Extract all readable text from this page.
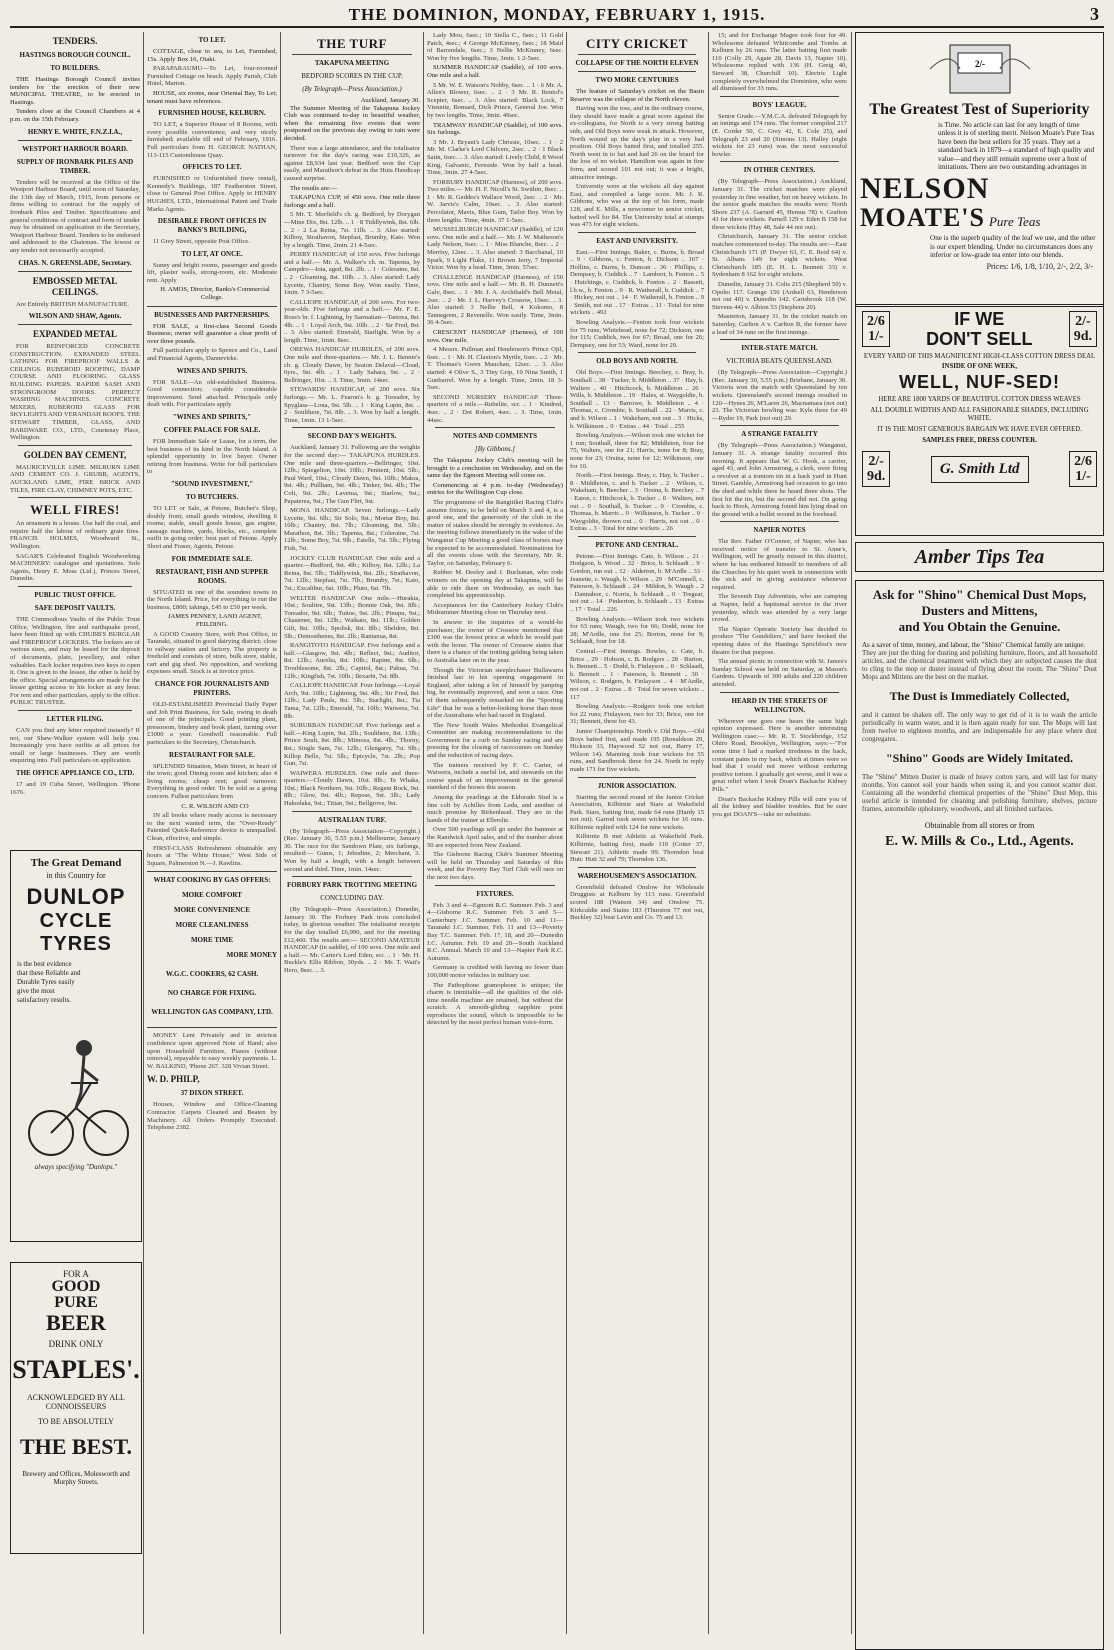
THE DOMINION, MONDAY, FEBRUARY 1, 1915.	3
TENDERS.
HASTINGS BOROUGH COUNCIL.
TO BUILDERS.

THE Hastings Borough Council invites tenders for the erection of their new MUNICIPAL THEATRE, to be erected in Hastings.

Tenders close at the Council Chambers at 4 p.m. on the 15th February.

HENRY E. WHITE, F.N.Z.I.A.,
WESTPORT HARBOUR BOARD.
SUPPLY OF IRONBARK PILES AND TIMBER.

Tenders will be received at the Office of the Westport Harbour Board, until noon of Saturday, the 13th day of March, 1915, from persons or firms willing to contract for the supply of Ironbark Piles and Timber. Specifications and general conditions of contract and form of tender may be obtained on application to the Secretary, Westport Harbour Board. Tenders to be endorsed and addressed to the Chairman. The lowest or any tender not necessarily accepted.

CHAS. N. GREENSLADE, Secretary.
EMBOSSED METAL CEILINGS.

Are Entirely BRITISH MANUFACTURE.

WILSON AND SHAW, Agents.
EXPANDED METAL

FOR REINFORCED CONCRETE CONSTRUCTION. EXPANDED STEEL LATHING FOR FIREPROOF WALLS & CEILINGS. RUBEROID ROOFING, DAMP COURSE AND FLOORING. GLASS BUILDING PAPERS. RAPIDE SASH AND STRONGROOM DOORS. PERFECT WASHING MACHINES. CONCRETE MIXERS, RUBEROID GLASS FOR SKYLIGHTS AND VERANDAH ROOFS. THE STEWART TIMBER, GLASS, AND HARDWARE CO., LTD., Courtenay Place, Wellington.

GOLDEN BAY CEMENT,

MAURICEVILLE LIME. MILBURN LIME AND CEMENT CO. J. GRUBB, AGENTS, AUCKLAND. LIME, FIRE BRICK AND TILES, FIRE CLAY, CHIMNEY POTS, ETC.

WELL FIRES!

An ornament in a house. Use half the coal, and require half the labour of ordinary grate fires. FRANCIS HOLMES, Woodward St., Wellington.

SAGAR'S Celebrated English Woodworking MACHINERY: catalogue and quotations. Sole Agents, Henry E. Moss (Ltd.), Princes Street, Dunedin.

PUBLIC TRUST OFFICE.
SAFE DEPOSIT VAULTS.

THE Commodious Vaults of the Public Trust Office, Wellington, fire and earthquake proof, have been fitted up with CHUBB'S BURGLAR and FIREPROOF LOCKERS. The lockers are of various sizes, and may be leased for the deposit of documents, plate, jewellery, and other valuables. Each locker requires two keys to open it. One is given to the lessee, the other is held by the office. Special arrangements are made for the lessee getting access to his locker at any hour. For rent and other particulars, apply to the office. PUBLIC TRUSTEE.

LETTER FILING.

CAN you find any letter required instantly? If not, our Shaw-Walker system will help you. Increasingly you have outfits at all prices for small or large businesses. They are worth enquiring into. Full particulars on application.

THE OFFICE APPLIANCE CO., LTD.

17 and 19 Cuba Street, Wellington. 'Phone 1676.

The Great Demand
in this Country for
DUNLOP
CYCLE
TYRES
is the best evidence that these Reliable and Durable Tyres easily give the most satisfactory results.
always specifying "Dunlops."
FOR A
GOOD
PURE
BEER
DRINK ONLY
STAPLES'.
ACKNOWLEDGED BY ALL CONNOISSEURS
TO BE ABSOLUTELY
THE BEST.
Brewery and Offices, Molesworth and Murphy Streets.
TO LET.

COTTAGE, close to sea, to Let, Furnished, 15s. Apply Box 16, Otaki.

PARAPARAUMU—To Let, four-roomed Furnished Cottage on beach. Apply Parish, Club Hotel, Marton.

HOUSE, six rooms, near Oriental Bay, To Let; tenant must have references.

FURNISHED HOUSE, KELBURN.

TO LET, a Superior House of 8 Rooms, with every possible convenience, and very nicely furnished; available till end of February, 1916. Full particulars from H. GEORGE NATHAN, 113-115 Customhouse Quay.

OFFICES TO LET.

FURNISHED or Unfurnished (new rental), Kennedy's Buildings, 187 Featherston Street, close to General Post Office. Apply to HENRY HUGHES, LTD., International Patent and Trade Marks Agents.

DESIRABLE FRONT OFFICES IN BANKS'S BUILDING,

11 Grey Street, opposite Post Office.

TO LET, AT ONCE.

Sunny and bright rooms, passenger and goods lift, plaster walls, strong-room, etc. Moderate rent. Apply

H. AMOS, Director, Banks's Commercial College.

BUSINESSES AND PARTNERSHIPS.

FOR SALE, a first-class Second Goods Business; owner will guarantee a clear profit of over three pounds.

Full particulars apply to Spence and Co., Land and Financial Agents, Dannevirke.

WINES AND SPIRITS.

FOR SALE—An old-established Business. Good connection; capable considerable improvement. Send attached. Principals only dealt with. For particulars apply

"WINES AND SPIRITS,"
COFFEE PALACE FOR SALE.

FOR Immediate Sale or Lease, for a term, the best business of its kind in the North Island. A splendid opportunity to live buyer. Owner retiring from business. Write for full particulars to

"SOUND INVESTMENT,"
TO BUTCHERS.

TO LET or Sale, at Petone, Butcher's Shop, doubly front; small goods window, dwelling 6 rooms; stable, small goods house, gas engine, sausage machine, yards, blocks, etc., complete outfit in going order; best part of Petone. Apply Short and Fraser, Agents, Petone.

FOR IMMEDIATE SALE.
RESTAURANT, FISH AND SUPPER ROOMS.

SITUATED in one of the soundest towns in the North Island. Price, for everything to run the business, £800; takings, £45 to £50 per week.

JAMES PENNEY, LAND AGENT, FEILDING.

A GOOD Country Store, with Post Office, in Taranaki, situated in good dairying district; close to railway station and factory. The property is freehold and consists of store, bulk store, stable, cart and gig shed. No opposition, and working expenses small. Stock is at invoice price.

CHANCE FOR JOURNALISTS AND PRINTERS.

OLD-ESTABLISHED Provincial Daily Paper and Job Print Business, for Sale, owing to death of one of the principals. Good printing plant, pressroom, bindery and book plant, turning over £3000 a year. Goodwill reasonable. Full particulars to the Secretary, Christchurch.

RESTAURANT FOR SALE.

SPLENDID Situation, Main Street, in heart of the town; good Dining room and kitchen; also 4 living rooms; cheap rent; good turnover. Everything in good order. To be sold as a going concern. Fullest particulars from

C. R. WILSON AND CO

IN all books where ready access is necessary to the next wanted term, the "Over-Ready" Patented Quick-Reference device is unequalled. Clean, effective, and simple.

FIRST-CLASS Refreshment obtainable any hours at "The White House," West Side of Square, Palmerston N.—J. Rawlins.

WHAT COOKING BY GAS OFFERS:
MORE COMFORT
MORE CONVENIENCE
MORE CLEANLINESS
MORE TIME
MORE MONEY
W.G.C. COOKERS, 62 CASH.
NO CHARGE FOR FIXING.
WELLINGTON GAS COMPANY, LTD.

MONEY Lent Privately and in strictest confidence upon approved Note of Hand; also upon Household Furniture, Pianos (without removal), repayable to easy weekly payments. L. W. BALKIND, 'Phone 267. 328 Vivian Street.

W. D. PHILP,
37 DIXON STREET.

Houses, Window and Office-Cleaning Contractor. Carpets Cleaned and Beaten by Machinery. All Orders Promptly Executed. Telephone 2382.

THE TURF
TAKAPUNA MEETING
BEDFORD SCORES IN THE CUP.
(By Telegraph—Press Association.)
Auckland, January 30.

The Summer Meeting of the Takapuna Jockey Club was continued to-day in beautiful weather, when the remaining five events that were postponed on the previous day owing to rain were decided.

There was a large attendance, and the totalisator turnover for the day's racing was £10,326, as against £8,934 last year. Bedford won the Cup easily, and Marathon's defeat in the Huia Handicap caused surprise.

The results are:—

TAKAPUNA CUP, of 450 sovs. One mile three furlongs and a half.

5 Mr. T. Merfield's ch. g. Bedford, by Dorygan—Mine Dix, 8st. 12lb. .. 1 · 8 Tiddlywink, 8st. 6lb. .. 2 · 2 La Reina, 7st. 11lb. .. 3. Also started: Kilboy, Strathavon, Stepfast, Brumby, Kato. Won by a length. Time, 2min. 21 4-5sec.

PERRY HANDICAP, of 150 sovs. Five furlongs and a half.— Mr. A. Walker's ch. m. Tapenta, by Campdro—Iota, aged, 8st. 2lb. .. 1 · Coleraine, 8st. .. 2 · Gloaming, 8st. 10lb. .. 3. Also started: Lady Lycette, Chantry, Some Boy. Won easily. Time, 1min. 7 3-5sec.

CALLIOPE HANDICAP, of 200 sovs. For two-year-olds. Five furlongs and a half.— Mr. F. E. Ross's br. f. Lightning, by Sarmatian—Tarerea, 8st. 4lb. .. 1 · Loyal Arch, 9st. 10lb. .. 2 · Sir Fred, 8st. .. 3. Also started: Emerald, Starlight. Won by a length. Time, 1min. 8sec.

OREWA HANDICAP HURDLES, of 200 sovs. One mile and three-quarters.— Mr. J. L. Bennie's ch. g. Cloudy Dawn, by Seaton Delaval—Cloud, 6yrs., 9st. 4lb. .. 1 · Lady Sahara, 9st. .. 2 · Bellringer, 10st. .. 3. Time, 3min. 14sec.

STEWARDS' HANDICAP, of 200 sovs. Six furlongs.— Mr. L. Fearon's b. g. Toreador, by Spyglass—Lona, 9st. 5lb. .. 1 · King Lupin, 8st. .. 2 · Soulthere, 7st. 8lb. .. 3. Won by half a length. Time, 1min. 13 1-5sec.

SECOND DAY'S WEIGHTS.

Auckland, January 31. Following are the weights for the second day:— TAKAPUNA HURDLES. One mile and three-quarters.—Bellringer, 10st. 12lb.; Spiegelton, 10st. 10lb.; Penitent, 10st. 5lb.; Paul Ward, 10st.; Cloudy Dawn, 9st. 10lb.; Makra, 9st. 4lb.; Pullham, 9st. 4lb.; Tinker, 9st. 4lb.; The Colt, 9st. 2lb.; Lavetua, 9st.; Starlow, 9st.; Papaterea, 9st.; The Gun Flirt, 9st.

MONA HANDICAP. Seven furlongs.—Lady Lycette, 9st. 6lb.; Sir Solo, 9st.; Mortar Boy, 8st. 10lb.; Chantry, 8st. 7lb.; Gloaming, 8st. 5lb.; Marathon, 8st. 3lb.; Tapenta, 8st.; Coleraine, 7st. 12lb.; Some Boy, 7st. 9lb.; Estelle, 7st. 5lb.; Flying Fish, 7st.

JOCKEY CLUB HANDICAP. One mile and a quarter.—Bedford, 9st. 4lb.; Kilboy, 8st. 12lb.; La Reina, 8st. 5lb.; Tiddlywink, 8st. 2lb.; Strathavon, 7st. 12lb.; Stepfast, 7st. 7lb.; Brumby, 7st.; Kato, 7st.; Excalibur, 6st. 10lb.; Pluto, 6st. 7lb.

WELTER HANDICAP. One mile.—Hurakia, 10st.; Soultire, 9st. 13lb.; Bonnie Oak, 9st. 8lb.; Toreador, 9st. 6lb.; Tuitoe, 9st. 2lb.; Pinupu, 9st.; Chastener, 8st. 12lb.; Waikato, 8st. 11lb.; Golden Gift, 8st. 10lb.; Spolisk, 8st. 8lb.; Sheldon, 8st. 5lb.; Demosthenes, 8st. 2lb.; Rantanua, 8st.

RANGITOTO HANDICAP. Five furlongs and a half.—Glasgow, 9st. 4lb.; Reflect, 9st.; Auditor, 8st. 12lb.; Aurelia, 8st. 10lb.; Rapine, 8st. 6lb.; Troublesome, 8st. 2lb.; Capitol, 8st.; Pahua, 7st. 12lb.; Kingfish, 7st. 10lb.; Ilexarbi, 7st. 8lb.

CALLIOPE HANDICAP. Four furlongs.—Loyal Arch, 9st. 10lb.; Lightning, 9st. 4lb.; Sir Fred, 8st. 12lb.; Lady Pauls, 8st. 5lb.; Starlight, 8st.; Tia Tama, 7st. 12lb.; Emerald, 7st. 10lb.; Waiwera, 7st. 8lb.

SUBURBAN HANDICAP. Five furlongs and a half.—King Lupin, 9st. 2lb.; Soulthere, 8st. 13lb.; Prince Soult, 8st. 8lb.; Mimosa, 8st. 4lb.; Thorny, 8st.; Single Sam, 7st. 12lb.; Glengarry, 7st. 9lb.; Killop Belle, 7st. 5lb.; Epicycle, 7st. 2lb.; Pop Gun, 7st.

WAIWERA HURDLES. One mile and three-quarters.—Cloudy Dawn, 10st. 8lb.; Te Whaka, 10st.; Black Northern, 9st. 10lb.; Regent Rock, 9st. 8lb.; Glow, 9st. 4lb.; Repose, 9st. 3lb.; Lady Hakodaka, 9st.; Titian, 9st.; Bellgrove, 9st.

AUSTRALIAN TURF.

(By Telegraph—Press Association—Copyright.) (Rec. January 30, 5.55 p.m.) Melbourne, January 30. The race for the Sandown Plate, six furlongs, resulted:— Gums, 1; Jebodine, 2; Merchant, 3. Won by half a length, with a length between second and third. Time, 1min. 14sec.

FORBURY PARK TROTTING MEETING
CONCLUDING DAY.

(By Telegraph—Press Association.) Dunedin, January 30. The Forbury Park trots concluded today, in glorious weather. The totalisator receipts for the day totalled £6,990, and for the meeting £12,460. The results are:— SECOND AMATEUR HANDICAP (in saddle), of 100 sovs. One mile and a half.— Mr. Carter's Lord Eden, scr. .. 1 · Mr. H. Buckle's Ellis Ribbon, 30yds. .. 2 · Mr. T. Watt's Hero, 8sec. .. 3.

Lady Moo, 6sec.; 10 Stella C., 6sec.; 11 Gold Patch, 4sec.; 4 George McKinney, 6sec.; 18 Maid of Barrendale, 6sec.; 3 Nellie McKinney, 6sec. Won by five lengths. Time, 3min. 1 2-5sec.

SUMMER HANDICAP (Saddle), of 100 sovs. One mile and a half.

5 Mr. W. E. Watson's Nobby, 6sec. .. 1 · 6 Mr. A. Allen's Blower, 6sec. .. 2 · 3 Mr. R. Rentol's Scepter, 6sec. .. 3. Also started: Black Lock, 7 Viennite, Bomard, Dick Prince, General Joe. Won by two lengths. Time, 3min. 49sec.

TRAMWAY HANDICAP (Saddle), of 100 sovs. Six furlongs.

3 Mr. J. Bryant's Lady Chrissie, 10sec. .. 1 · 2 Mr. M. Clarke's Lord Chilvers, 2sec. .. 2 · 1 Black Satin, 6sec. .. 3. Also started: Lively Child, 8 Wood King, Galvanic, Fernside. Won by half a head. Time, 3min. 27 4-5sec.

FORBURY HANDICAP (Harness), of 200 sovs. Two miles.— Mr. H. F. Nicoll's St. Swithin, 8sec. .. 1 · Mr. R. Geddes's Wallace Wood, 2sec. .. 2 · Mr. W. Jarvis's Calm, 10sec. .. 3. Also started: Percolator, Mavis, Blue Gum, Tailor Boy. Won by three lengths. Time, 4min. 37 1-5sec.

MUSSELBURGH HANDICAP (Saddle), of 120 sovs. One mile and a half.— Mr. J. W. Matheson's Lady Nelson, 6sec. .. 1 · Miss Blanche, 8sec. .. 2 · Merrisy, 12sec. .. 3. Also started: 3 Bacchanal, 10 Spark, 9 Light Fluke, 11 Brown Jerry, 7 Imperial Victor. Won by a head. Time, 3min. 57sec.

CHALLENGE HANDICAP (Harness), of 150 sovs. One mile and a half.— Mr. R. H. Dunnett's Galv, 8sec. .. 1 · Mr. J. A. Archibald's Bell Metal, 2sec. .. 2 · Mr. J. L. Harvey's Crossow, 10sec. .. 3. Also started: 3 Nellie Bell, 4 Kokomo, 8 Tannegrem, 2 Revenelle. Won easily. Time, 3min. 36 4-5sec.

CRESCENT HANDICAP (Harness), of 100 sovs. One mile.

4 Messrs. Pullman and Henderson's Prince Ojil, 6sec. .. 1 · Mr. H. Claxton's Myrtle, 6sec. .. 2 · Mr. T. Thomas's Gwen Mauchan, 12sec. .. 3. Also started: 4 Olive S., 3 Tiny Grip, 10 Nina Smith, 1 Gunbarrel. Won by a length. Time, 2min. 18 3-5sec.

SECOND NURSERY HANDICAP. Three-quarters of a mile.—Rubelite, scr. .. 1 · Kindred, 4sec. .. 2 · Dot Robert, 4sec. .. 3. Time, 1min. 44sec.

NOTES AND COMMENTS
[By Gibbons.]

The Takapuna Jockey Club's meeting will be brought to a conclusion on Wednesday, and on the same day the Egmont Meeting will come on.

Commencing at 4 p.m. to-day (Wednesday) entries for the Wellington Cup close.

The programme of the Rangitikei Racing Club's autumn fixture, to be held on March 3 and 4, is a good one, and the generosity of the club in the matter of stakes should be strongly in evidence. As the meeting follows immediately in the wake of the Wanganui Cup Meeting a good class of horses may be expected to be accommodated. Nominations for all the events close with the Secretary, Mr. R. Taylor, on Saturday, February 6.

Rubber M. Deeley and J. Buchanan, who rode winners on the opening day at Takapuna, will be able to ride there on Wednesday, as each has completed his apprenticeship.

Acceptances for the Canterbury Jockey Club's Midsummer Meeting close on Thursday next.

In answer to the inquiries of a would-be purchaser, the owner of Crossow mentioned that £300 was the lowest price at which he would part with the horse. The owner of Crossow states that there is a chance of the trotting gelding being taken to Australia later on in the year.

Though the Victorian steeplechaser Bullawarra finished last in his opening engagement in England, after taking a lot of himself by jumping big, he eventually improved, and won a race. One of them subsequently remarked on the "Sporting Life" that he was a better-looking horse than most of the Australians who had raced in England.

The New South Wales Methodist Evangelical Committee are making recommendations to the Government for a curb on Sunday racing and are pressing for the closing of racecourses on Sunday and the reduction of racing days.

The trainers received by F. C. Carter, of Waiwera, include a useful lot, and stewards on the course speak of an improvement in the general standard of the horses this season.

Among the yearlings at the Eldorado Stud is a fine colt by Achilles from Leda, and another of much promise by Birkenhead. They are in the hands of the trainer at Ellerslie.

Over 500 yearlings will go under the hammer at the Randwick April sales, and of the number about 50 are expected from New Zealand.

The Gisborne Racing Club's Summer Meeting will be held on Thursday and Saturday of this week, and the Poverty Bay Turf Club will race on the next two days.

FIXTURES.

Feb. 3 and 4—Egmont R.C. Summer. Feb. 3 and 4—Gisborne R.C. Summer. Feb. 3 and 5—Canterbury J.C. Summer. Feb. 10 and 11—Taranaki J.C. Summer. Feb. 11 and 13—Poverty Bay T.C. Summer. Feb. 17, 18, and 20—Dunedin J.C. Autumn. Feb. 19 and 20—South Auckland R.C. Annual. March 10 and 13—Napier Park R.C. Autumn.

Germany is credited with having no fewer than 100,000 motor vehicles in military use.

The Pathophone gramophone is unique; the charm is inimitable—all the qualities of the old-time needle machine are retained, but without the scratch. A smooth-gliding sapphire point reproduces the sound, which is impossible to be detected by the most perfect human voice-form.

CITY CRICKET
COLLAPSE OF THE NORTH ELEVEN
TWO MORE CENTURIES

The feature of Saturday's cricket on the Basin Reserve was the collapse of the North eleven.

Having won the toss, and in the ordinary course, they should have made a great score against the ex-collegians, for North is a very strong batting side, and Old Boys were weak in attack. However, North wound up the day's play in a very bad position. Old Boys batted first, and totalled 255. North went in to bat and had 26 on the board for the loss of no wicket. Hamilton was again in fine form, and scored 101 not out; it was a bright, attractive innings.

University were at the wickets all day against East, and compiled a large score. Mr. J. R. Gibbons, who was at the top of his form, made 128, and E. Mills, a newcomer to senior cricket, batted well for 84. The University total at stumps was 473 for eight wickets.

EAST AND UNIVERSITY.

East.—First Innings. Baker, c. Burns, b. Broad .. 9 · Gibbons, c. Fenton, b. Dickson .. 167 · Hollins, c. Burns, b. Duncan .. 36 · Phillips, c. Dempsey, b. Cuddick .. 7 · Lambert, b. Fenton .. 5 · Hutchings, c. Cuddick, b. Fenton .. 2 · Bassett, l.b.w., b. Fenton .. 0 · R. Watherall, b. Cuddick .. 7 · Hickey, not out .. 14 · F. Watherall, b. Fenton .. 9 · Smith, not out .. 17 · Extras .. 11 · Total for nine wickets .. 492

Bowling Analysis.—Fenton took four wickets for 75 runs; Whitehead, none for 72; Dickson, one for 115; Cuddick, two for 67; Broad, one for 26; Dempsey, one for 53; Ward, none for 29.

OLD BOYS AND NORTH.

Old Boys.—First Innings. Beechey, c. Bray, b. Southall .. 38 · Tucker, b. Middleton .. 37 · Hay, b. Walters .. 40 · Hitchcock, b. Middleton .. 26 · Wills, b. Middleton .. 19 · Hales, st. Waygoldie, b. Southall .. 13 · Barrowe, b. Middleton .. 4 · Thomas, c. Crombie, b. Southall .. 22 · Marris, c. and b. Wilson .. 1 · Wakeham, not out .. 3 · Hicks, b. Wilkinson .. 0 · Extras .. 44 · Total .. 255

Bowling Analysis.—Wilson took one wicket for 1 run; Southall, three for 82; Middleton, four for 75; Walters, one for 21; Harris, none for 8; Bray, none for 23; Orsina, none for 12; Wilkinson, one for 10.

North.—First Innings. Bray, c. Hay, b. Tucker .. 8 · Middleton, c. and b. Tucker .. 2 · Wilson, c. Wakeham, b. Beecher .. 3 · Orsina, b. Beechey .. 7 · Eaton, c. Hitchcock, b. Tucker .. 0 · Walters, not out .. 0 · Southall, b. Tucker .. 0 · Crombie, c. Thomas, b. Marris .. 0 · Wilkinson, b. Tucker .. 0 · Waygoldie, thrown out .. 0 · Harris, not out .. 0 · Extras .. 3 · Total for nine wickets .. 26

PETONE AND CENTRAL.

Petone.—First Innings. Cate, b. Wilson .. 21 · Hodgson, b. Wood .. 32 · Brice, b. Schlaadt .. 9 · Gordon, run out .. 12 · Alderton, b. M'Ardle .. 33 · Jeanette, c. Waugh, b. Wilson .. 29 · M'Connell, c. Paterson, b. Schlaadt .. 24 · Mildon, b. Waugh .. 2 · Dannahoe, c. Norris, b. Schlaadt .. 0 · Tregear, not out .. 14 · Pinkerton, b. Schlaadt .. 13 · Extras .. 17 · Total .. 226

Bowling Analysis.—Wilson took two wickets for 63 runs; Waugh, two for 66; Dodd, none for 28; M'Ardle, one for 25; Borton, none for 9; Schlaadt, four for 18.

Central.—First Innings. Bowles, c. Cate, b. Brice .. 29 · Hobson, c. B. Rodgers .. 28 · Burton, b. Bennett .. 5 · Dodd, b. Finlayson .. 0 · Schlaadt, b. Bennett .. 1 · Paterson, b. Bennett .. 30 · Wilson, c. Rodgers, b. Finlayson .. 4 · M'Ardle, not out .. 2 · Extras .. 8 · Total for seven wickets .. 117

Bowling Analysis.—Rodgers took one wicket for 22 runs; Finlayson, two for 33; Brice, one for 31; Bennett, three for 43.

Junior Championship. North v. Old Boys.—Old Boys batted first, and made 195 (Ronaldson 29, Hickson 33, Haywood 52 not out, Barry 17, Wilson 14). Manning took four wickets for 55 runs, and Sandbrook three for 24. North in reply made 171 for five wickets.

JUNIOR ASSOCIATION.

Starting the second round of the Junior Cricket Association, Kilbirnie and Stars at Wakefield Park. Stars, batting first, made 64 runs (Hardy 15 not out). Garrod took seven wickets for 16 runs. Kilbirnie replied with 124 for nine wickets.

Kilbirnie B met Athletic at Wakefield Park. Kilbirnie, batting first, made 110 (Cotter 37, Stewart 21). Athletic made 99. Thorndon beat Hutt: Hutt 32 and 79; Thorndon 136.

WAREHOUSEMEN'S ASSOCIATION.

Greenfield defeated Onslow for Wholesale Druggists at Kelburn by 113 runs. Greenfield scored 188 (Watson 34) and Onslow 75. Kirkcaldie and Stains 183 (Thurston 77 not out, Buckley 32) beat Levin and Co. 75 and 13.

15; and for Exchange Magee took four for 49. Wholesome defeated Whitcombe and Tombs at Kelburn by 26 runs. The latter batting first made 110 (Colly 29, Agate 28, Davis 13, Napier 10). Wholesome replied with 136 (H. Greig 40, Steward 38, Churchill 10). Electric Light completely overwhelmed the Dominion, who were all dismissed for 33 runs.

BOYS' LEAGUE.

Senior Grade.—Y.M.C.A. defeated Telegraph by an innings and 174 runs. The former compiled 217 (E. Corder 50, C. Grey 42, E. Cole 25), and Telegraph 23 and 20 (Simons 13). Halley (eight wickets for 23 runs) was the most successful bowler.

IN OTHER CENTRES.

(By Telegraph—Press Association.) Auckland, January 31. The cricket matches were played yesterday in fine weather, but on heavy wickets. In the senior grade matches the results were: North Shore 237 (A. Garrard 45, Hemus 78) v. Grafton 43 for three wickets. Parnell 129 v. Eden B 158 for three wickets (Hay 48, Sale 44 not out).

Christchurch, January 31. The senior cricket matches commenced to-day. The results are:—East Christchurch 171 (P. Dwyer 63, C. E. Reid 64) v. St. Albans 149 for eight wickets. West Christchurch 185 (E. H. L. Bennett 33) v. Sydenham 8 162 for eight wickets.

Dunedin, January 31. Colts 215 (Shepherd 50) v. Opoho 117. Grange 156 (Ardsell 63, Henderson not out 40) v. Dunedin 142. Carisbrook 118 (W. Stevens 44) v. Albion 53 (Stephens 20).

Masterton, January 31. In the cricket match on Saturday, Carlton A v. Carlton B, the former have a lead of 34 runs on the first innings.

INTER-STATE MATCH.
VICTORIA BEATS QUEENSLAND.

(By Telegraph—Press Association—Copyright.) (Rec. January 30, 5.55 p.m.) Brisbane, January 30. Victoria won the match with Queensland by ten wickets. Queensland's second innings resulted in 120—Hynes 26, M'Laren 26, Macnamara (not out) 23. The Victorian bowling was: Kyle three for 49—Ryder 19, Park (not out) 29.

A STRANGE FATALITY

(By Telegraph—Press Association.) Wanganui, January 31. A strange fatality occurred this morning. It appears that W. G. Hook, a carrier, aged 43, and John Armstrong, a clerk, were firing a revolver at a tomtom tin in a back yard in Hunt Street. Gamble, Armstrong had occasion to go into the shed and while there he heard three shots. The first hit the tin, but the second did not. On going back to Hook, Armstrong found him lying dead on the ground with a bullet wound in the forehead.

NAPIER NOTES

The Rev. Father O'Connor, of Napier, who has received notice of transfer to St. Anne's, Wellington, will be greatly missed in this district, where he has endeared himself to members of all the Churches by his quiet work in connection with the sick and in giving assistance whenever required.

The Seventh Day Adventists, who are camping at Napier, held a baptismal service in the river yesterday, which was attended by a very large crowd.

The Napier Operatic Society has decided to produce "The Gondoliers," and have booked the opening dates of the Hastings Sprichfest's new theatre for that purpose.

The annual picnic in connection with St. James's Sunday School was held on Saturday, at Mason's Gardens. Upwards of 300 adults and 220 children attended.

HEARD IN THE STREETS OF WELLINGTON.

Wherever one goes one hears the same high opinion expressed. Here is another interesting Wellington case:— Mr. R. T. Stockbridge, 152 Ohiro Road, Brooklyn, Wellington, says:—"For some time I had a marked tiredness in the back, constant pains in my back, which at times were so bad that I could not move without enduring positive torture. I gradually got worse, and it was a great relief when I took Doan's Backache Kidney Pills."

Doan's Backache Kidney Pills will cure you of all the kidney and bladder troubles. But be sure you get DOAN'S—take no substitute.

2/-
The Greatest Test of Superiority
is Time. No article can last for any length of time unless it is of sterling merit. Nelson Moate's Pure Teas have been the best sellers for 35 years. They set a standard back in 1879—a standard of high quality and value—and they still remain supreme over a host of imitations. There are two outstanding advantages in
NELSON
MOATE'S Pure Teas
One is the superb quality of the leaf we use, and the other is our expert blending. Under no circumstances does any inferior or low-grade tea enter into our blends.
Prices: 1/6, 1/8, 1/10, 2/-, 2/2, 3/-
2/6
1/-
IF WE
DON'T SELL
2/-
9d.
EVERY YARD OF THIS MAGNIFICENT HIGH-CLASS COTTON DRESS DEAL
INSIDE OF ONE WEEK,
WELL, NUF-SED!
HERE ARE 1800 YARDS OF BEAUTIFUL COTTON DRESS WEAVES
ALL DOUBLE WIDTHS AND ALL FASHIONABLE SHADES, INCLUDING WHITE.
IT IS THE MOST GENEROUS BARGAIN WE HAVE EVER OFFERED.
SAMPLES FREE, DRESS COUNTER.
2/-
9d.	G. Smith Ltd	2/6
1/-
Amber Tips Tea
Ask for "Shino" Chemical Dust Mops, Dusters and Mittens,
and You Obtain the Genuine.
As a saver of time, money, and labour, the "Shino" Chemical family are unique.
They are just the thing for dusting and polishing furniture, floors, and all household articles, and the chemical treatment with which they are subjected causes the dust to cling to the mop or duster instead of flying about the room. The "Shino" Dust Mops and Mittens are the best on the market.
The Dust is Immediately Collected,
and it cannot be shaken off. The only way to get rid of it is to wash the article periodically in warm water, and it is then again ready for use. The Mops will last from twelve to eighteen months, and are indispensable for any place where dust congregates.
"Shino" Goods are Widely Imitated.
The "Shino" Mitten Duster is made of heavy cotton yarn, and will last for many months. You cannot soil your hands when using it, and you cannot scatter dust. Containing all the wonderful chemical properties of the "Shino" Dust Mop, this useful article is intended for cleaning and polishing furniture, shelves, picture frames, automobile upholstery, woodwork, and all finished surfaces.
Obtainable from all stores or from
E. W. Mills & Co., Ltd., Agents.
